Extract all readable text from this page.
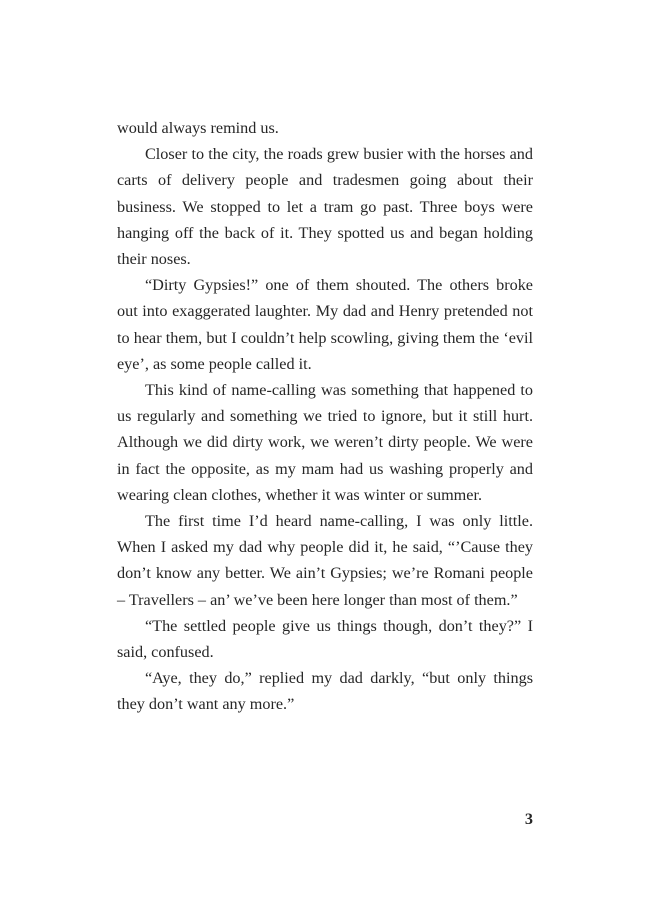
would always remind us.

Closer to the city, the roads grew busier with the horses and carts of delivery people and tradesmen going about their business. We stopped to let a tram go past. Three boys were hanging off the back of it. They spotted us and began holding their noses.

“Dirty Gypsies!” one of them shouted. The others broke out into exaggerated laughter. My dad and Henry pretended not to hear them, but I couldn’t help scowling, giving them the ‘evil eye’, as some people called it.

This kind of name-calling was something that happened to us regularly and something we tried to ignore, but it still hurt. Although we did dirty work, we weren’t dirty people. We were in fact the opposite, as my mam had us washing properly and wearing clean clothes, whether it was winter or summer.

The first time I’d heard name-calling, I was only little. When I asked my dad why people did it, he said, “’Cause they don’t know any better. We ain’t Gypsies; we’re Romani people – Travellers – an’ we’ve been here longer than most of them.”

“The settled people give us things though, don’t they?” I said, confused.

“Aye, they do,” replied my dad darkly, “but only things they don’t want any more.”

3
